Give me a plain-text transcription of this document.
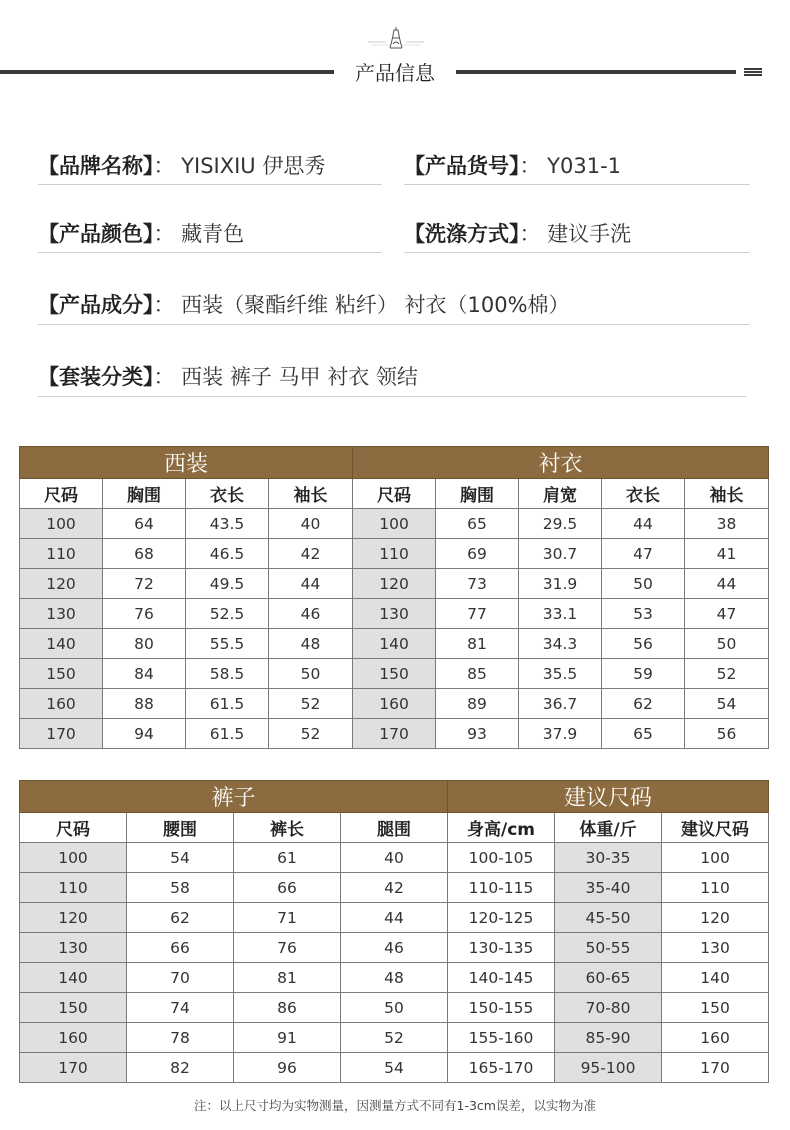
产品信息
【品牌名称】： YISIXIU 伊思秀	【产品货号】： Y031-1
【产品颜色】： 藏青色	【洗涤方式】： 建议手洗
【产品成分】： 西装（聚酯纤维 粘纤） 衬衣（100%棉）
【套装分类】： 西装 裤子 马甲 衬衣 领结
西装				衬衣				
尺码	胸围	衣长	袖长	尺码	胸围	肩宽	衣长	袖长
100	64	43.5	40	100	65	29.5	44	38
110	68	46.5	42	110	69	30.7	47	41
120	72	49.5	44	120	73	31.9	50	44
130	76	52.5	46	130	77	33.1	53	47
140	80	55.5	48	140	81	34.3	56	50
150	84	58.5	50	150	85	35.5	59	52
160	88	61.5	52	160	89	36.7	62	54
170	94	61.5	52	170	93	37.9	65	56
裤子				建议尺码		
尺码	腰围	裤长	腿围	身高/cm	体重/斤	建议尺码
100	54	61	40	100-105	30-35	100
110	58	66	42	110-115	35-40	110
120	62	71	44	120-125	45-50	120
130	66	76	46	130-135	50-55	130
140	70	81	48	140-145	60-65	140
150	74	86	50	150-155	70-80	150
160	78	91	52	155-160	85-90	160
170	82	96	54	165-170	95-100	170
注：以上尺寸均为实物测量，因测量方式不同有1-3cm误差，以实物为准
